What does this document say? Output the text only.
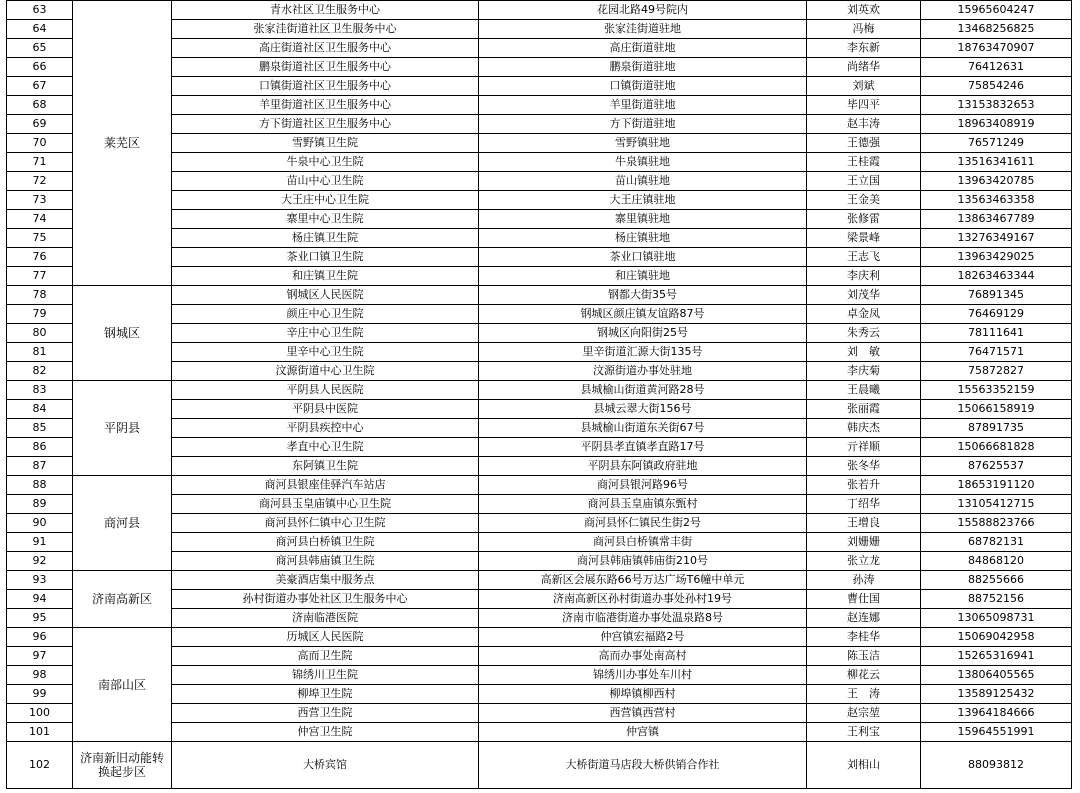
63	莱芜区	青水社区卫生服务中心	花园北路49号院内	刘英欢	15965604247
64		张家洼街道社区卫生服务中心	张家洼街道驻地	冯梅	13468256825
65		高庄街道社区卫生服务中心	高庄街道驻地	李东新	18763470907
66		鹏泉街道社区卫生服务中心	鹏泉街道驻地	尚绪华	76412631
67		口镇街道社区卫生服务中心	口镇街道驻地	刘斌	75854246
68		羊里街道社区卫生服务中心	羊里街道驻地	毕四平	13153832653
69		方下街道社区卫生服务中心	方下街道驻地	赵丰涛	18963408919
70		雪野镇卫生院	雪野镇驻地	王德强	76571249
71		牛泉中心卫生院	牛泉镇驻地	王桂霞	13516341611
72		苗山中心卫生院	苗山镇驻地	王立国	13963420785
73		大王庄中心卫生院	大王庄镇驻地	王金美	13563463358
74		寨里中心卫生院	寨里镇驻地	张修雷	13863467789
75		杨庄镇卫生院	杨庄镇驻地	梁景峰	13276349167
76		茶业口镇卫生院	茶业口镇驻地	王志飞	13963429025
77		和庄镇卫生院	和庄镇驻地	李庆利	18263463344
78	钢城区	钢城区人民医院	钢都大街35号	刘茂华	76891345
79		颜庄中心卫生院	钢城区颜庄镇友谊路87号	卓金凤	76469129
80		辛庄中心卫生院	钢城区向阳街25号	朱秀云	78111641
81		里辛中心卫生院	里辛街道汇源大街135号	刘　敏	76471571
82		汶源街道中心卫生院	汶源街道办事处驻地	李庆菊	75872827
83	平阴县	平阴县人民医院	县城榆山街道黄河路28号	王晨曦	15563352159
84		平阴县中医院	县城云翠大街156号	张丽霞	15066158919
85		平阴县疾控中心	县城榆山街道东关街67号	韩庆杰	87891735
86		孝直中心卫生院	平阴县孝直镇孝直路17号	亓祥顺	15066681828
87		东阿镇卫生院	平阴县东阿镇政府驻地	张冬华	87625537
88	商河县	商河县银座佳驿汽车站店	商河县银河路96号	张若升	18653191120
89		商河县玉皇庙镇中心卫生院	商河县玉皇庙镇东甄村	丁绍华	13105412715
90		商河县怀仁镇中心卫生院	商河县怀仁镇民生街2号	王增良	15588823766
91		商河县白桥镇卫生院	商河县白桥镇常丰街	刘姗姗	68782131
92		商河县韩庙镇卫生院	商河县韩庙镇韩庙街210号	张立龙	84868120
93	济南高新区	美豪酒店集中服务点	高新区会展东路66号万达广场T6幢中单元	孙涛	88255666
94		孙村街道办事处社区卫生服务中心	济南高新区孙村街道办事处孙村19号	曹仕国	88752156
95		济南临港医院	济南市临港街道办事处温泉路8号	赵连娜	13065098731
96	南部山区	历城区人民医院	仲宫镇宏福路2号	李桂华	15069042958
97		高而卫生院	高而办事处南高村	陈玉洁	15265316941
98		锦绣川卫生院	锦绣川办事处车川村	柳花云	13806405565
99		柳埠卫生院	柳埠镇柳西村	王　涛	13589125432
100		西营卫生院	西营镇西营村	赵宗堃	13964184666
101		仲宫卫生院	仲宫镇	王利宝	15964551991
102	济南新旧动能转换起步区	大桥宾馆	大桥街道马店段大桥供销合作社	刘相山	88093812
